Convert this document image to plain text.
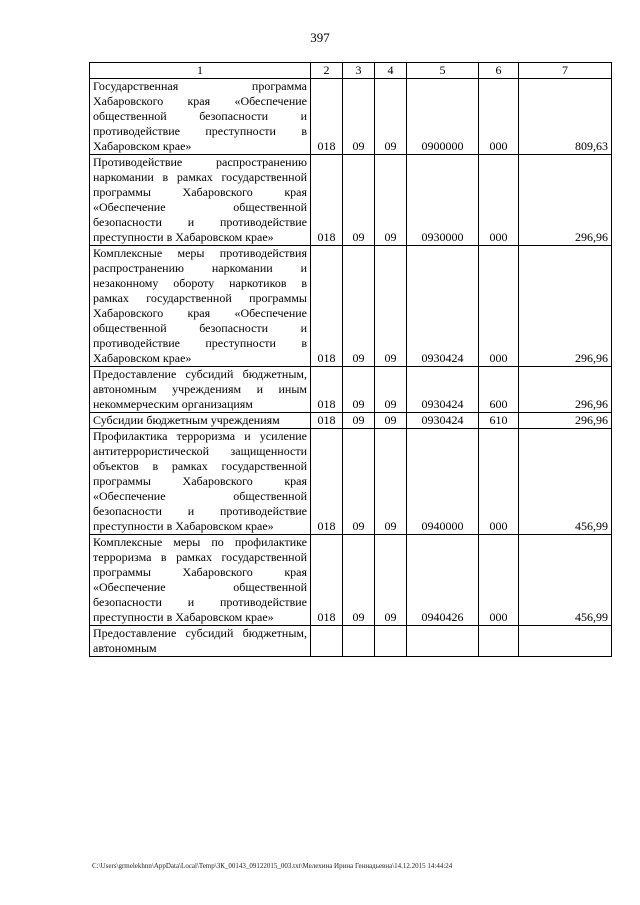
397
1	2	3	4	5	6	7
Государственная программа Хабаровского края «Обеспечение общественной безопасности и противодействие преступности в Хабаровском крае»	018	09	09	0900000	000	809,63
Противодействие распространению наркомании в рамках государственной программы Хабаровского края «Обеспечение общественной безопасности и противодействие преступности в Хабаровском крае»	018	09	09	0930000	000	296,96
Комплексные меры противодействия распространению наркомании и незаконному обороту наркотиков в рамках государственной программы Хабаровского края «Обеспечение общественной безопасности и противодействие преступности в Хабаровском крае»	018	09	09	0930424	000	296,96
Предоставление субсидий бюджетным, автономным учреждениям и иным некоммерческим организациям	018	09	09	0930424	600	296,96
Субсидии бюджетным учреждениям	018	09	09	0930424	610	296,96
Профилактика терроризма и усиление антитеррористической защищенности объектов в рамках государственной программы Хабаровского края «Обеспечение общественной безопасности и противодействие преступности в Хабаровском крае»	018	09	09	0940000	000	456,99
Комплексные меры по профилактике терроризма в рамках государственной программы Хабаровского края «Обеспечение общественной безопасности и противодействие преступности в Хабаровском крае»	018	09	09	0940426	000	456,99
Предоставление субсидий бюджетным, автономным						
C:\Users\grmelekhnn\AppData\Local\Temp\ЗК_00143_09122015_003.txt\Мелехина Ирина Геннадьевна\14.12.2015 14:44:24
